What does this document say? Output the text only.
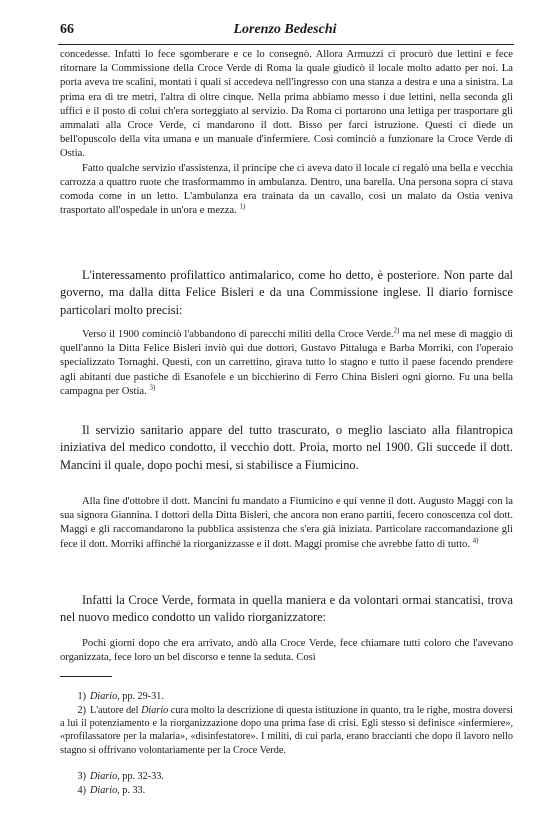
66	Lorenzo Bedeschi

concedesse. Infatti lo fece sgomberare e ce lo consegnò. Allora Armuzzi ci procurò due lettini e fece ritornare la Commissione della Croce Verde di Roma la quale giudicò il locale molto adatto per noi. La porta aveva tre scalini, montati i quali si accedeva nell'ingresso con una stanza a destra e una a sinistra. La prima era di tre metri, l'altra di oltre cinque. Nella prima abbiamo messo i due lettini, nella seconda gli uffici e il posto di colui ch'era sorteggiato al servizio. Da Roma ci portarono una lettiga per trasportare gli ammalati alla Croce Verde, ci mandarono il dott. Bisso per farci istruzione. Questi ci diede un bell'opuscolo della vita umana e un manuale d'infermiere. Così cominciò a funzionare la Croce Verde di Ostia.

Fatto qualche servizio d'assistenza, il principe che ci aveva dato il locale ci regalò una bella e vecchia carrozza a quattro ruote che trasformammo in ambulanza. Dentro, una barella. Una persona sopra ci stava comoda come in un letto. L'ambulanza era trainata da un cavallo, così un malato da Ostia veniva trasportato all'ospedale in un'ora e mezza. $^{1)}$

L'interessamento profilattico antimalarico, come ho detto, è posteriore. Non parte dal governo, ma dalla ditta Felice Bisleri e da una Commissione inglese. Il diario fornisce particolari molto precisi:
Verso il 1900 cominciò l'abbandono di parecchi militi della Croce Verde.$^{2)}$ ma nel mese di maggio di quell'anno la Ditta Felice Bisleri inviò qui due dottori, Gustavo Pittaluga e Barba Morriki, con l'operaio specializzato Tornaghi. Questi, con un carrettino, girava tutto lo stagno e tutto il paese facendo prendere agli abitanti due pastiche di Esanofele e un bicchierino di Ferro China Bisleri ogni giorno. Fu una bella campagna per Ostia. $^{3)}$
Il servizio sanitario appare del tutto trascurato, o meglio lasciato alla filantropica iniziativa del medico condotto, il vecchio dott. Proia, morto nel 1900. Gli succede il dott. Mancini il quale, dopo pochi mesi, si stabilisce a Fiumicino.
Alla fine d'ottobre il dott. Mancini fu mandato a Fiumicino e qui venne il dott. Augusto Maggi con la sua signora Giannina. I dottori della Ditta Bisleri, che ancora non erano partiti, fecero conoscenza col dott. Maggi e gli raccomandarono la pubblica assistenza che s'era già iniziata. Particolare raccomandazione gli fece il dott. Morriki affinché la riorganizzasse e il dott. Maggi promise che avrebbe fatto di tutto. $^{4)}$
Infatti la Croce Verde, formata in quella maniera e da volontari ormai stancatisi, trova nel nuovo medico condotto un valido riorganizzatore:
Pochi giorni dopo che era arrivato, andò alla Croce Verde, fece chiamare tutti coloro che l'avevano organizzata, fece loro un bel discorso e tenne la seduta. Così
1) Diario, pp. 29-31.
2) L'autore del Diario cura molto la descrizione di questa istituzione in quanto, tra le righe, mostra doversi a lui il potenziamento e la riorganizzazione dopo una prima fase di crisi. Egli stesso si definisce «infermiere», «profilassatore per la malaria», «disinfestatore». I militi, di cui parla, erano braccianti che dopo il lavoro nello stagno si offrivano volontariamente per la Croce Verde.
3) Diario, pp. 32-33.
4) Diario, p. 33.
